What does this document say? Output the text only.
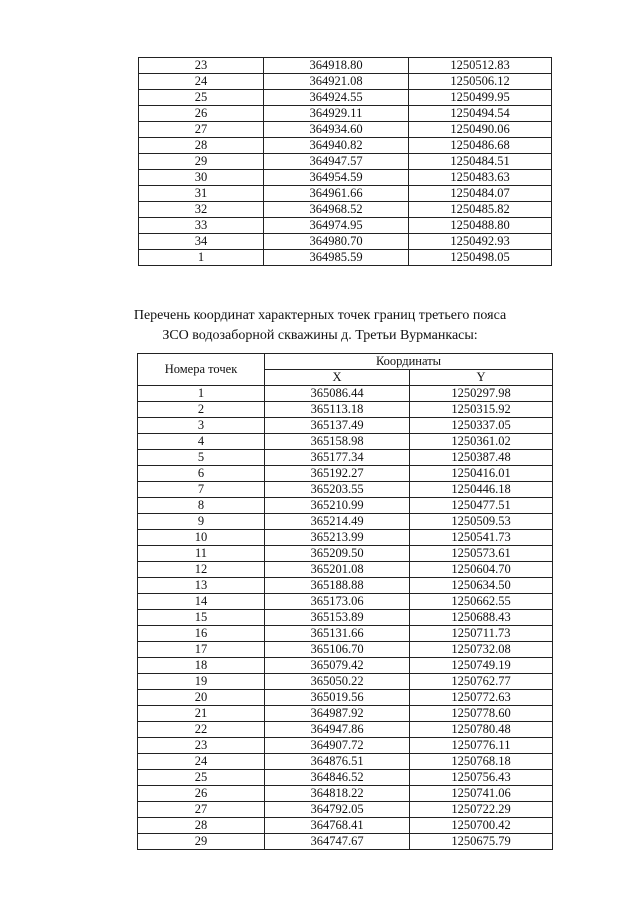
23	364918.80	1250512.83
24	364921.08	1250506.12
25	364924.55	1250499.95
26	364929.11	1250494.54
27	364934.60	1250490.06
28	364940.82	1250486.68
29	364947.57	1250484.51
30	364954.59	1250483.63
31	364961.66	1250484.07
32	364968.52	1250485.82
33	364974.95	1250488.80
34	364980.70	1250492.93
1	364985.59	1250498.05
Перечень координат характерных точек границ третьего пояса
ЗСО водозаборной скважины д. Третьи Вурманкасы:
Номера точек	Координаты	
	X	Y
1	365086.44	1250297.98
2	365113.18	1250315.92
3	365137.49	1250337.05
4	365158.98	1250361.02
5	365177.34	1250387.48
6	365192.27	1250416.01
7	365203.55	1250446.18
8	365210.99	1250477.51
9	365214.49	1250509.53
10	365213.99	1250541.73
11	365209.50	1250573.61
12	365201.08	1250604.70
13	365188.88	1250634.50
14	365173.06	1250662.55
15	365153.89	1250688.43
16	365131.66	1250711.73
17	365106.70	1250732.08
18	365079.42	1250749.19
19	365050.22	1250762.77
20	365019.56	1250772.63
21	364987.92	1250778.60
22	364947.86	1250780.48
23	364907.72	1250776.11
24	364876.51	1250768.18
25	364846.52	1250756.43
26	364818.22	1250741.06
27	364792.05	1250722.29
28	364768.41	1250700.42
29	364747.67	1250675.79
